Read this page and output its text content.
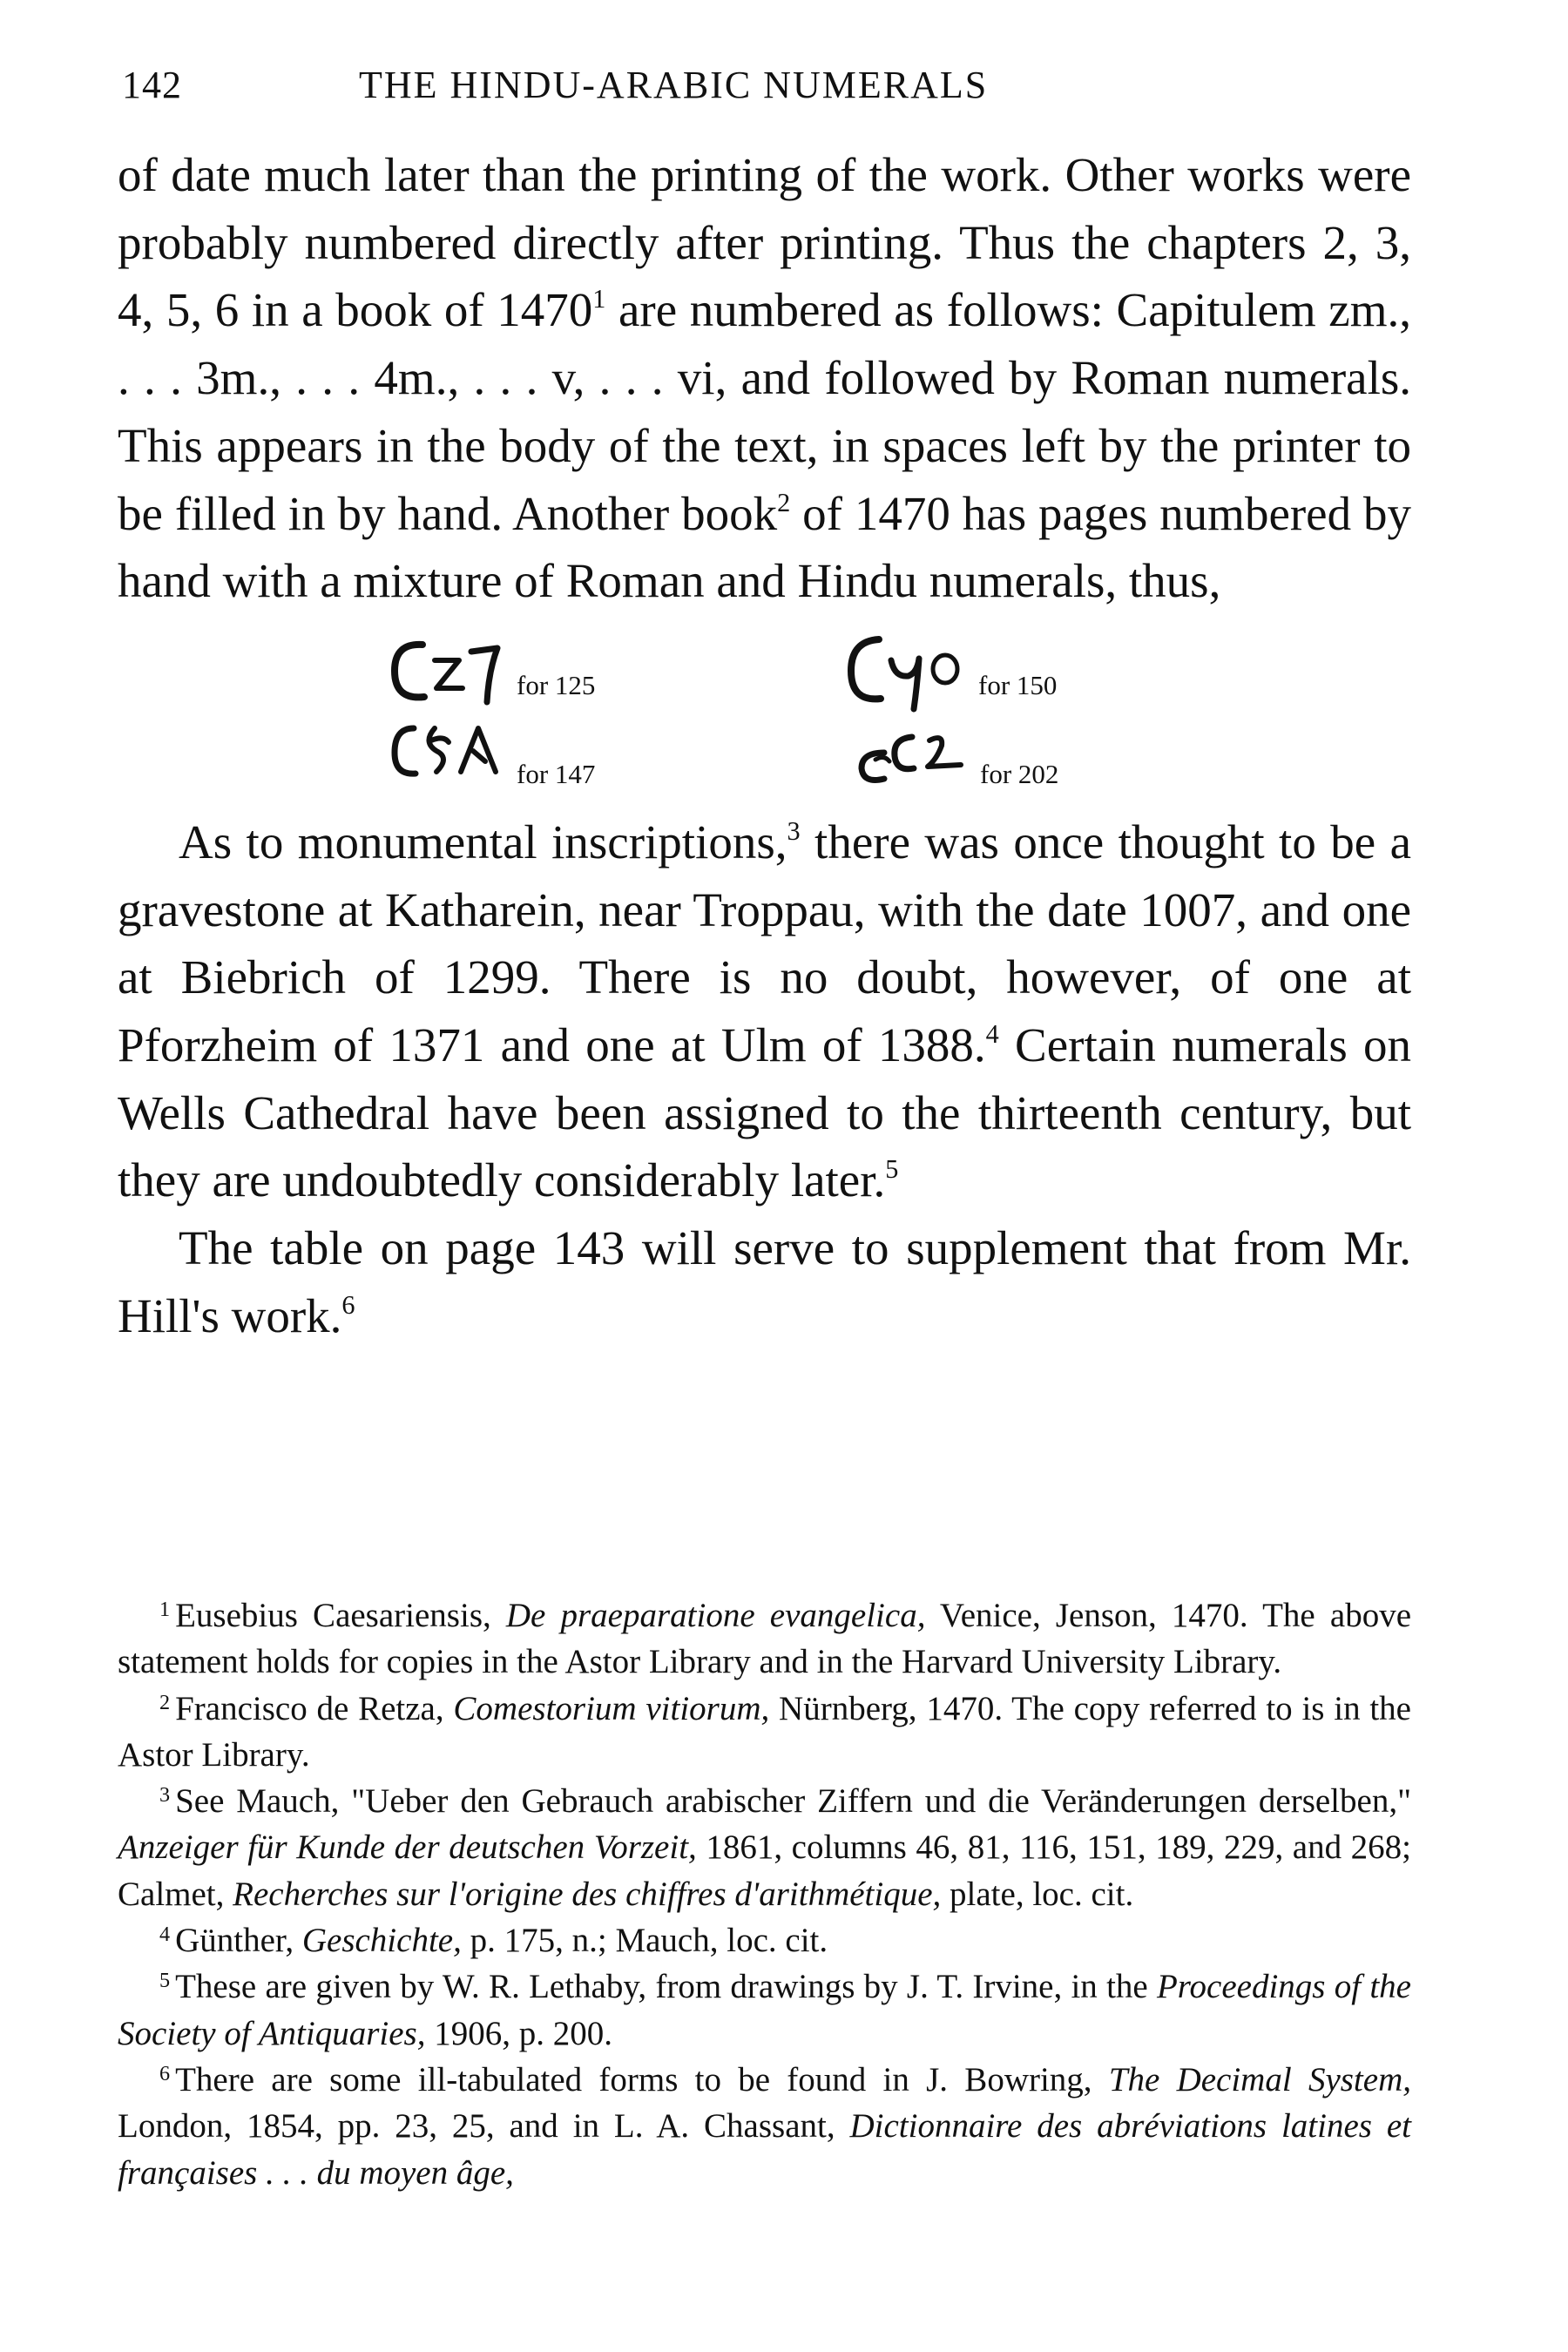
142	THE HINDU-ARABIC NUMERALS

of date much later than the printing of the work. Other works were probably numbered directly after printing. Thus the chapters 2, 3, 4, 5, 6 in a book of 1470$^1$ are numbered as follows: Capitulem zm., . . . 3m., . . . 4m., . . . v, . . . vi, and followed by Roman numerals. This appears in the body of the text, in spaces left by the printer to be filled in by hand. Another book$^2$ of 1470 has pages numbered by hand with a mixture of Roman and Hindu numerals, thus,

for 125	for 150
for 147	for 202

As to monumental inscriptions,$^3$ there was once thought to be a gravestone at Katharein, near Troppau, with the date 1007, and one at Biebrich of 1299. There is no doubt, however, of one at Pforzheim of 1371 and one at Ulm of 1388.$^4$ Certain numerals on Wells Cathedral have been assigned to the thirteenth century, but they are undoubtedly considerably later.$^5$

The table on page 143 will serve to supplement that from Mr. Hill's work.$^6$

$^1$ Eusebius Caesariensis, De praeparatione evangelica, Venice, Jenson, 1470. The above statement holds for copies in the Astor Library and in the Harvard University Library.

$^2$ Francisco de Retza, Comestorium vitiorum, Nürnberg, 1470. The copy referred to is in the Astor Library.

$^3$ See Mauch, "Ueber den Gebrauch arabischer Ziffern und die Veränderungen derselben," Anzeiger für Kunde der deutschen Vorzeit, 1861, columns 46, 81, 116, 151, 189, 229, and 268; Calmet, Recherches sur l'origine des chiffres d'arithmétique, plate, loc. cit.

$^4$ Günther, Geschichte, p. 175, n.; Mauch, loc. cit.

$^5$ These are given by W. R. Lethaby, from drawings by J. T. Irvine, in the Proceedings of the Society of Antiquaries, 1906, p. 200.

$^6$ There are some ill-tabulated forms to be found in J. Bowring, The Decimal System, London, 1854, pp. 23, 25, and in L. A. Chassant, Dictionnaire des abréviations latines et françaises . . . du moyen âge,
